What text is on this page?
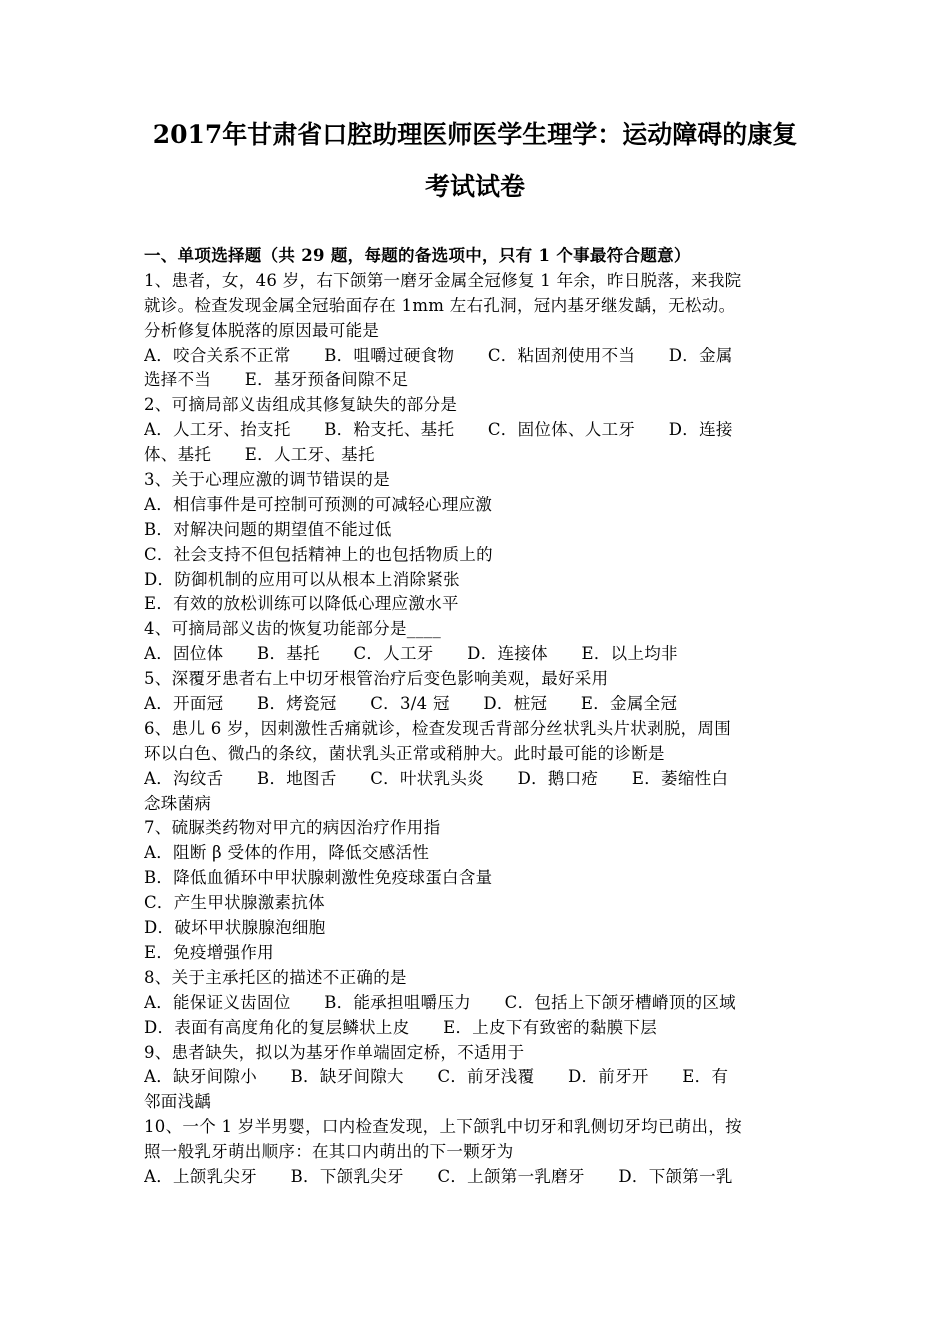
2017年甘肃省口腔助理医师医学生理学：运动障碍的康复
考试试卷
一、单项选择题（共 29 题，每题的备选项中，只有 1 个事最符合题意）
1、患者，女，46 岁，右下颌第一磨牙金属全冠修复 1 年余，昨日脱落，来我院
就诊。检查发现金属全冠骀面存在 1mm 左右孔洞，冠内基牙继发龋，无松动。
分析修复体脱落的原因最可能是
A．咬合关系不正常　　B．咀嚼过硬食物　　C．粘固剂使用不当　　D．金属
选择不当　　E．基牙预备间隙不足
2、可摘局部义齿组成其修复缺失的部分是
A．人工牙、抬支托　　B．粭支托、基托　　C．固位体、人工牙　　D．连接
体、基托　　E．人工牙、基托
3、关于心理应激的调节错误的是
A．相信事件是可控制可预测的可减轻心理应激
B．对解决问题的期望值不能过低
C．社会支持不但包括精神上的也包括物质上的
D．防御机制的应用可以从根本上消除紧张
E．有效的放松训练可以降低心理应激水平
4、可摘局部义齿的恢复功能部分是____
A．固位体　　B．基托　　C．人工牙　　D．连接体　　E．以上均非
5、深覆牙患者右上中切牙根管治疗后变色影响美观，最好采用
A．开面冠　　B．烤瓷冠　　C．3/4 冠　　D．桩冠　　E．金属全冠
6、患儿 6 岁，因刺激性舌痛就诊，检查发现舌背部分丝状乳头片状剥脱，周围
环以白色、微凸的条纹，菌状乳头正常或稍肿大。此时最可能的诊断是
A．沟纹舌　　B．地图舌　　C．叶状乳头炎　　D．鹅口疮　　E．萎缩性白
念珠菌病
7、硫脲类药物对甲亢的病因治疗作用指
A．阻断 β 受体的作用，降低交感活性
B．降低血循环中甲状腺刺激性免疫球蛋白含量
C．产生甲状腺激素抗体
D．破坏甲状腺腺泡细胞
E．免疫增强作用
8、关于主承托区的描述不正确的是
A．能保证义齿固位　　B．能承担咀嚼压力　　C．包括上下颌牙槽嵴顶的区域
D．表面有高度角化的复层鳞状上皮　　E．上皮下有致密的黏膜下层
9、患者缺失，拟以为基牙作单端固定桥，不适用于
A．缺牙间隙小　　B．缺牙间隙大　　C．前牙浅覆　　D．前牙开　　E．有
邻面浅龋
10、一个 1 岁半男婴，口内检查发现，上下颌乳中切牙和乳侧切牙均已萌出，按
照一般乳牙萌出顺序：在其口内萌出的下一颗牙为
A．上颌乳尖牙　　B．下颌乳尖牙　　C．上颌第一乳磨牙　　D．下颌第一乳
